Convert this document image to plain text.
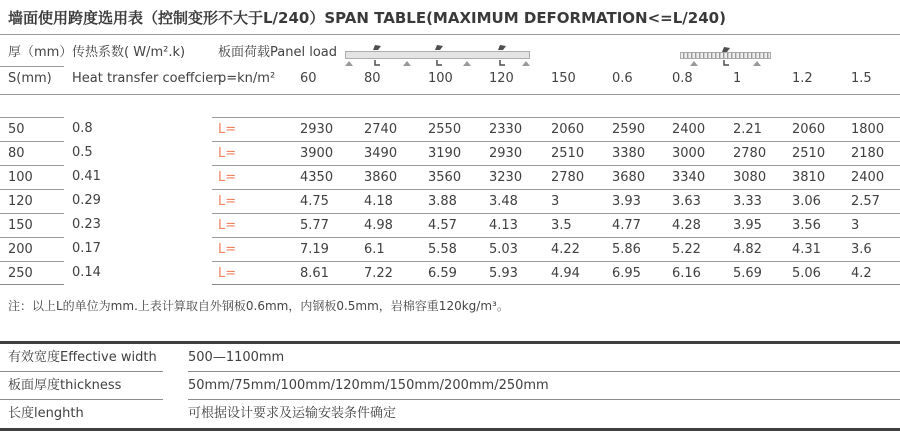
墙面使用跨度选用表（控制变形不大于L/240）SPAN TABLE(MAXIMUM DEFORMATION<=L/240)
厚（mm） 传热系数( W/m².k)	板面荷载Panel load
S(mm)	Heat transfer coeffcien
p=kn/m²	60	80	100	120	150	0.6	0.8	1	1.2	1.5
50	0.8	L=	2930	2740	2550	2330	2060	2590	2400	2.21	2060	1800
80	0.5	L=	3900	3490	3190	2930	2510	3380	3000	2780	2510	2180
100	0.41	L=	4350	3860	3560	3230	2780	3680	3340	3080	3810	2400
120	0.29	L=	4.75	4.18	3.88	3.48	3	3.93	3.63	3.33	3.06	2.57
150	0.23	L=	5.77	4.98	4.57	4.13	3.5	4.77	4.28	3.95	3.56	3
200	0.17	L=	7.19	6.1	5.58	5.03	4.22	5.86	5.22	4.82	4.31	3.6
250	0.14	L=	8.61	7.22	6.59	5.93	4.94	6.95	6.16	5.69	5.06	4.2
注：以上L的单位为mm.上表计算取自外钢板0.6mm，内钢板0.5mm，岩棉容重120kg/m³。
有效宽度Effective width	500—1100mm
板面厚度thickness	50mm/75mm/100mm/120mm/150mm/200mm/250mm
长度lenghth	可根据设计要求及运输安装条件确定
